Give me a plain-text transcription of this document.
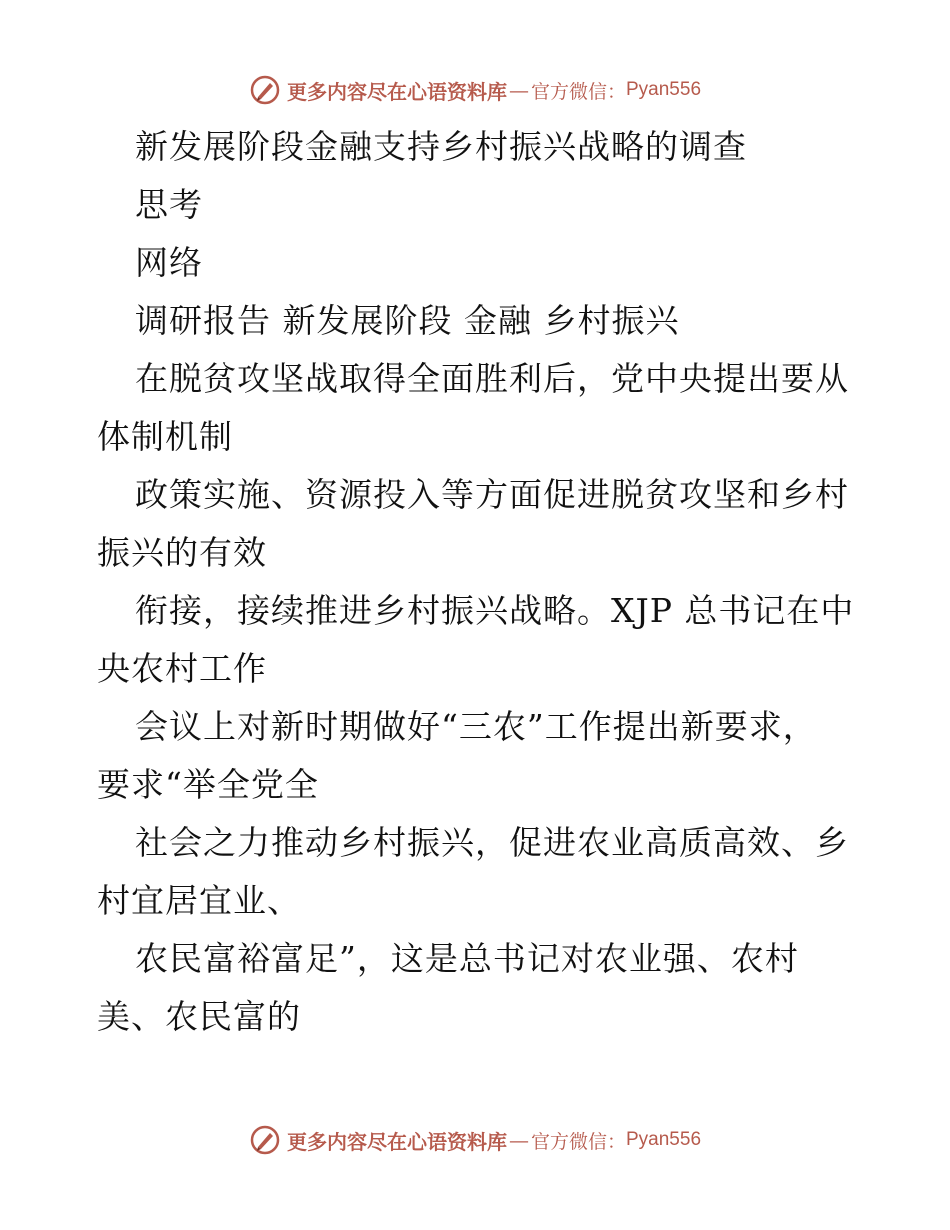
更多内容尽在心语资料库 — 官方微信： Pyan556
新发展阶段金融支持乡村振兴战略的调查
思考
网络
调研报告 新发展阶段 金融 乡村振兴
在脱贫攻坚战取得全面胜利后，党中央提出要从
体制机制
政策实施、资源投入等方面促进脱贫攻坚和乡村
振兴的有效
衔接，接续推进乡村振兴战略。XJP 总书记在中
央农村工作
会议上对新时期做好“三农”工作提出新要求，
要求“举全党全
社会之力推动乡村振兴，促进农业高质高效、乡
村宜居宜业、
农民富裕富足”，这是总书记对农业强、农村
美、农民富的
更多内容尽在心语资料库 — 官方微信： Pyan556
